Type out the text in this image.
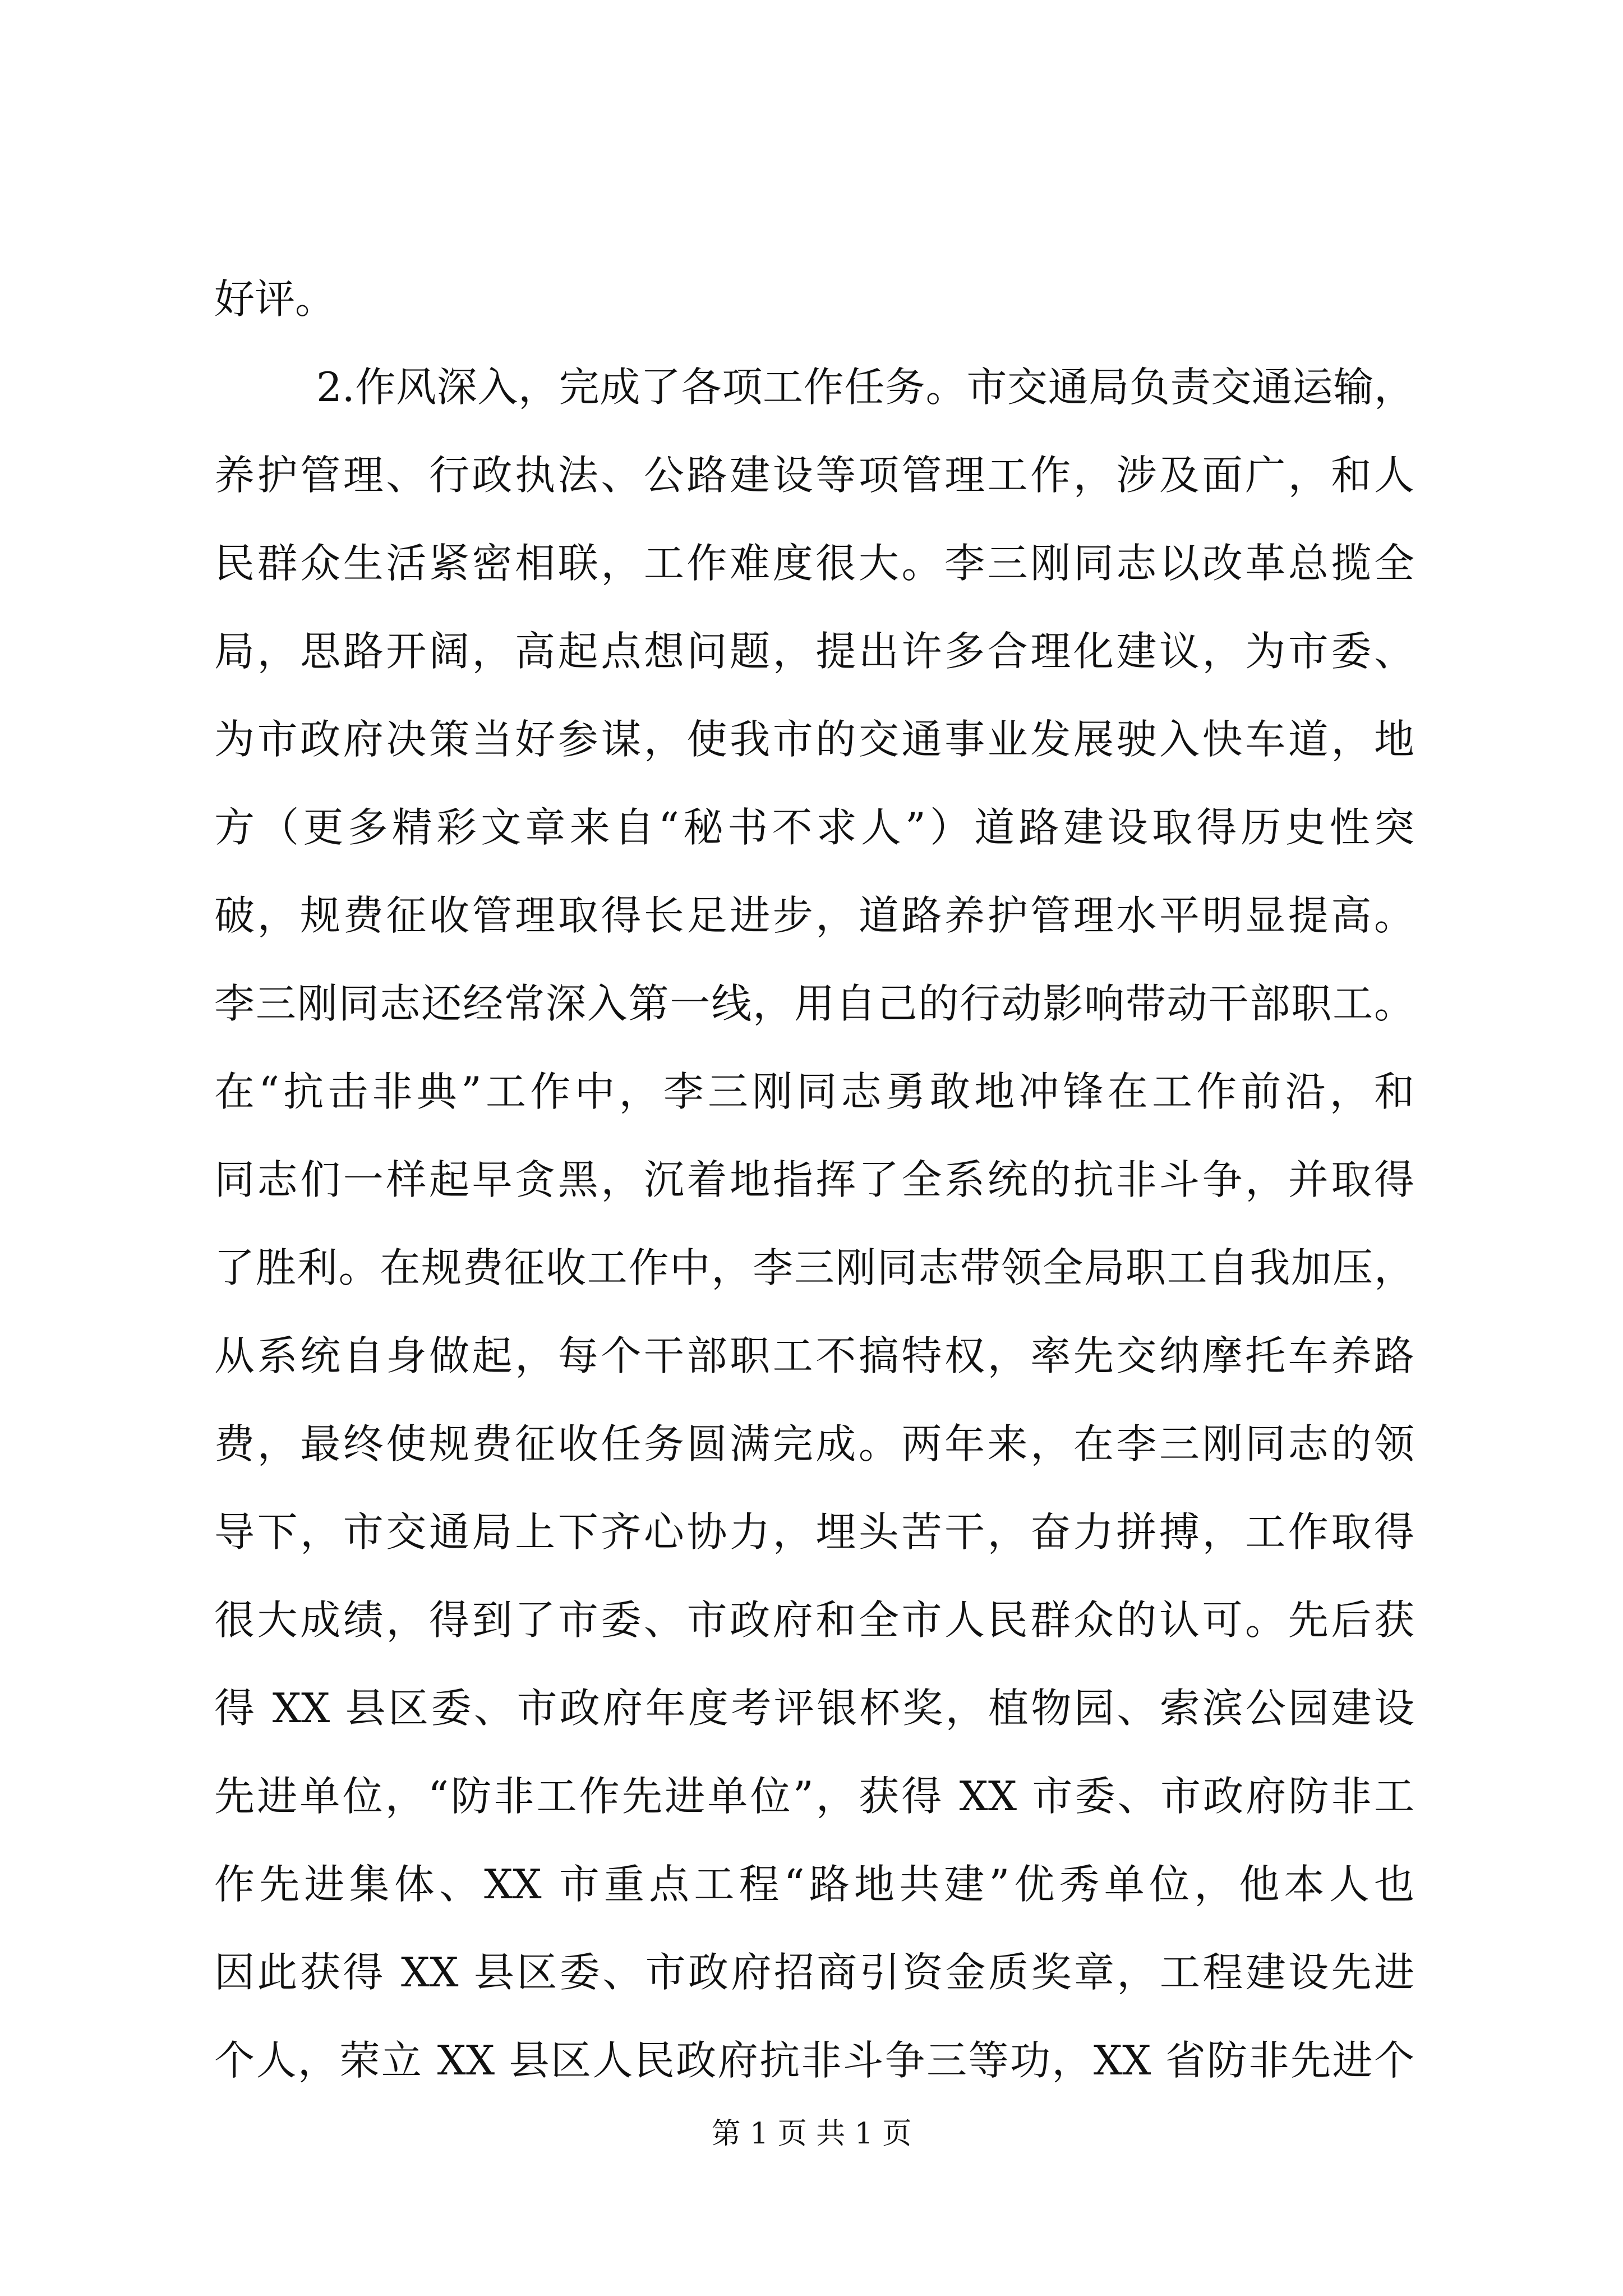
好评。
2.作风深入，完成了各项工作任务。市交通局负责交通运输，
养护管理、行政执法、公路建设等项管理工作，涉及面广，和人
民群众生活紧密相联，工作难度很大。李三刚同志以改革总揽全
局，思路开阔，高起点想问题，提出许多合理化建议，为市委、
为市政府决策当好参谋，使我市的交通事业发展驶入快车道，地
方（更多精彩文章来自“秘书不求人”）道路建设取得历史性突
破，规费征收管理取得长足进步，道路养护管理水平明显提高。
李三刚同志还经常深入第一线，用自己的行动影响带动干部职工。
在“抗击非典”工作中，李三刚同志勇敢地冲锋在工作前沿，和
同志们一样起早贪黑，沉着地指挥了全系统的抗非斗争，并取得
了胜利。在规费征收工作中，李三刚同志带领全局职工自我加压，
从系统自身做起，每个干部职工不搞特权，率先交纳摩托车养路
费，最终使规费征收任务圆满完成。两年来，在李三刚同志的领
导下，市交通局上下齐心协力，埋头苦干，奋力拼搏，工作取得
很大成绩，得到了市委、市政府和全市人民群众的认可。先后获
得 XX 县区委、市政府年度考评银杯奖，植物园、索滨公园建设
先进单位，“防非工作先进单位”，获得 XX 市委、市政府防非工
作先进集体、XX 市重点工程“路地共建”优秀单位，他本人也
因此获得 XX 县区委、市政府招商引资金质奖章，工程建设先进
个人，荣立 XX 县区人民政府抗非斗争三等功，XX 省防非先进个
第 1 页 共 1 页
